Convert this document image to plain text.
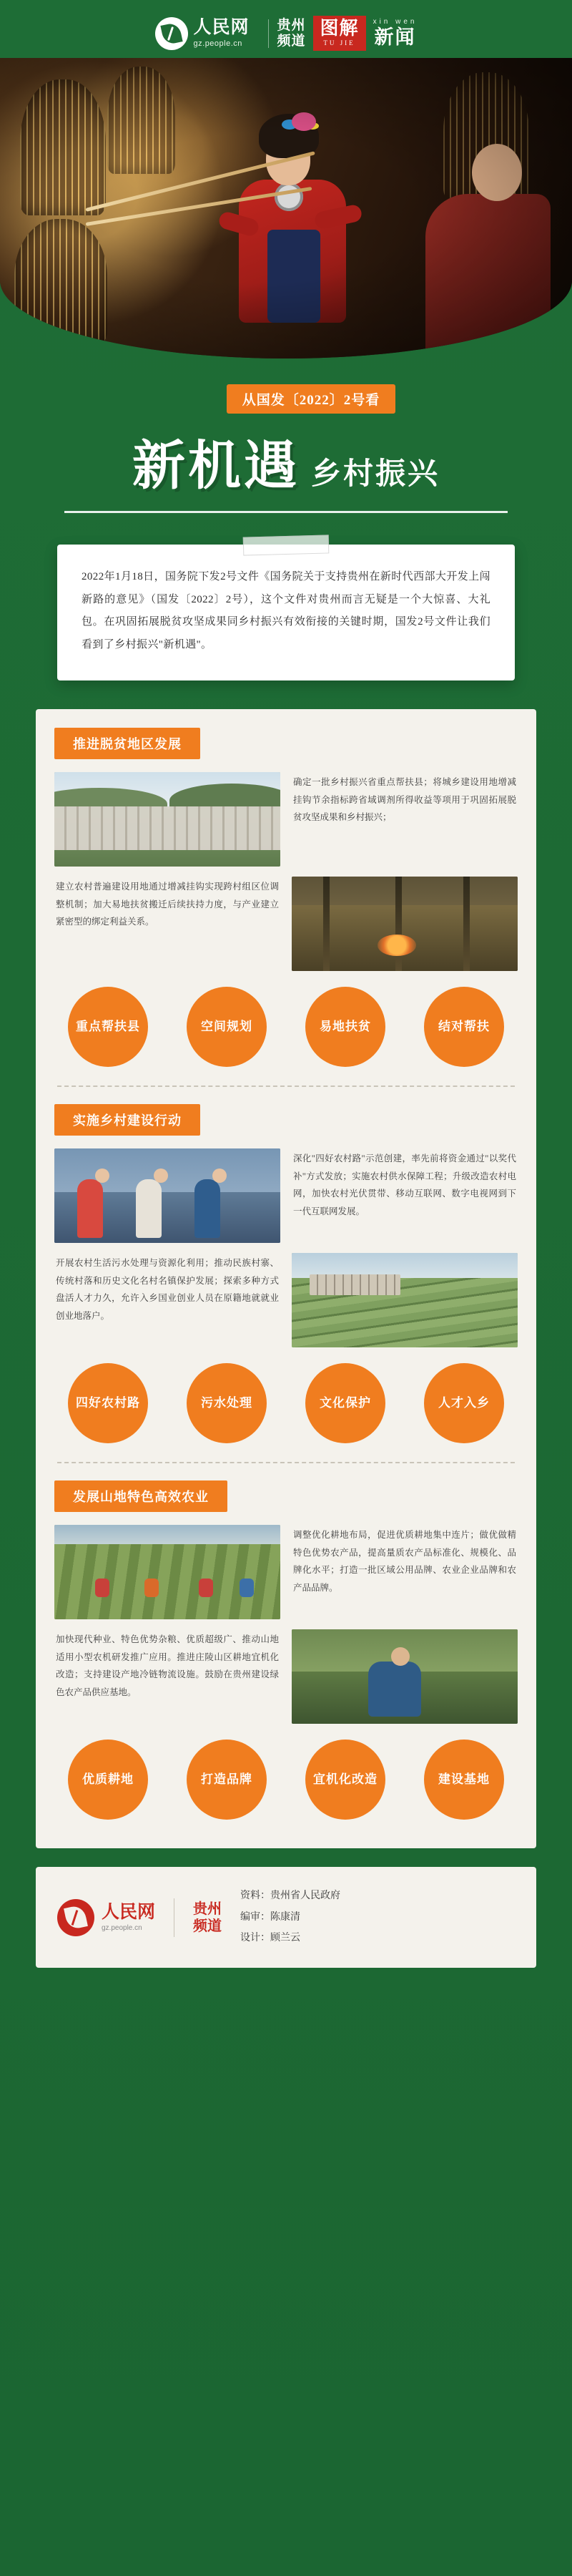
人民网
gz.people.cn
贵州
频道
图解
TU JIE
xin wen
新闻
从国发〔2022〕2号看
新机遇 乡村振兴

2022年1月18日，国务院下发2号文件《国务院关于支持贵州在新时代西部大开发上闯新路的意见》（国发〔2022〕2号），这个文件对贵州而言无疑是一个大惊喜、大礼包。在巩固拓展脱贫攻坚成果同乡村振兴有效衔接的关键时期，国发2号文件让我们看到了乡村振兴"新机遇"。

推进脱贫地区发展

确定一批乡村振兴省重点帮扶县；将城乡建设用地增减挂钩节余指标跨省域调剂所得收益等项用于巩固拓展脱贫攻坚成果和乡村振兴；

建立农村普遍建设用地通过增减挂钩实现跨村组区位调整机制；加大易地扶贫搬迁后续扶持力度，与产业建立紧密型的绑定利益关系。

重点帮扶县	空间规划	易地扶贫	结对帮扶
实施乡村建设行动

深化"四好农村路"示范创建，率先前将资金通过"以奖代补"方式发放；实施农村供水保障工程；升级改造农村电网，加快农村光伏贯带、移动互联网、数字电视网到下一代互联网发展。

开展农村生活污水处理与资源化利用；推动民族村寨、传统村落和历史文化名村名镇保护发展；探索多种方式盘活人才力久，允许入乡国业创业人员在原籍地就就业创业地落户。

四好农村路	污水处理	文化保护	人才入乡
发展山地特色高效农业

调整优化耕地布局，促进优质耕地集中连片；做优做精特色优势农产品，提高量质农产品标准化、规模化、品牌化水平；打造一批区域公用品牌、农业企业品牌和农产品品牌。

加快现代种业、特色优势杂粮、优质超级广、推动山地适用小型农机研发推广应用。推进庄陵山区耕地宜机化改造；支持建设产地冷链物流设施。鼓励在贵州建设绿色农产品供应基地。

优质耕地	打造品牌	宜机化改造	建设基地
人民网
gz.people.cn
贵州
频道
资料：贵州省人民政府
编审：陈康清
设计：顾兰云
